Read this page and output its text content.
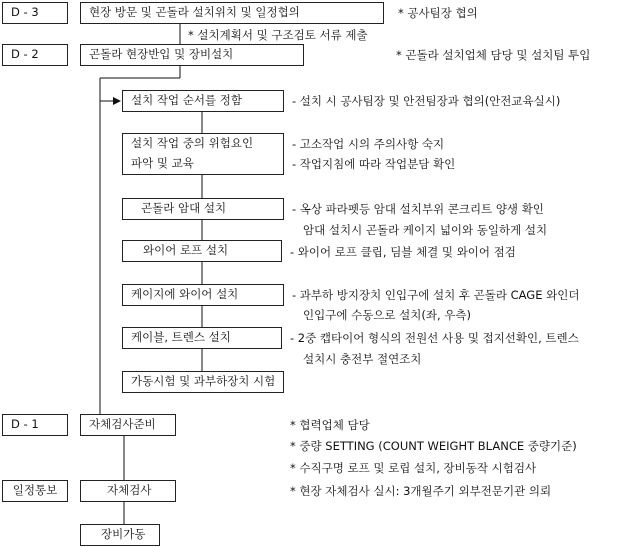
D - 3	현장 방문 및 곤돌라 설치위치 및 일정협의	* 공사팀장 협의
* 설치계획서 및 구조검토 서류 제출
D - 2	곤돌라 현장반입 및 장비설치	* 곤돌라 설치업체 담당 및 설치팀 투입
설치 작업 순서를 정함	- 설치 시 공사팀장 및 안전팀장과 협의(안전교육실시)
설치 작업 중의 위험요인
파악 및 교육
- 고소작업 시의 주의사항 숙지
- 작업지침에 따라 작업분담 확인
곤돌라 암대 설치	- 옥상 파라펫등 암대 설치부위 콘크리트 양생 확인
암대 설치시 곤돌라 케이지 넓이와 동일하게 설치
와이어 로프 설치	- 와이어 로프 클립, 딤블 체결 및 와이어 점검
케이지에 와이어 설치	- 과부하 방지장치 인입구에 설치 후 곤돌라 CAGE 와인더
인입구에 수동으로 설치(좌, 우측)
케이블, 트렌스 설치	- 2중 캡타이어 형식의 전원선 사용 및 접지선확인, 트렌스
설치시 충전부 절연조치
가동시험 및 과부하장치 시험
D - 1	자체검사준비	* 협력업체 담당
* 중량 SETTING (COUNT WEIGHT BLANCE 중량기준)
* 수직구명 로프 및 로립 설치, 장비동작 시험검사
* 현장 자체검사 실시: 3개월주기 외부전문기관 의뢰
일정통보	자체검사
장비가동
